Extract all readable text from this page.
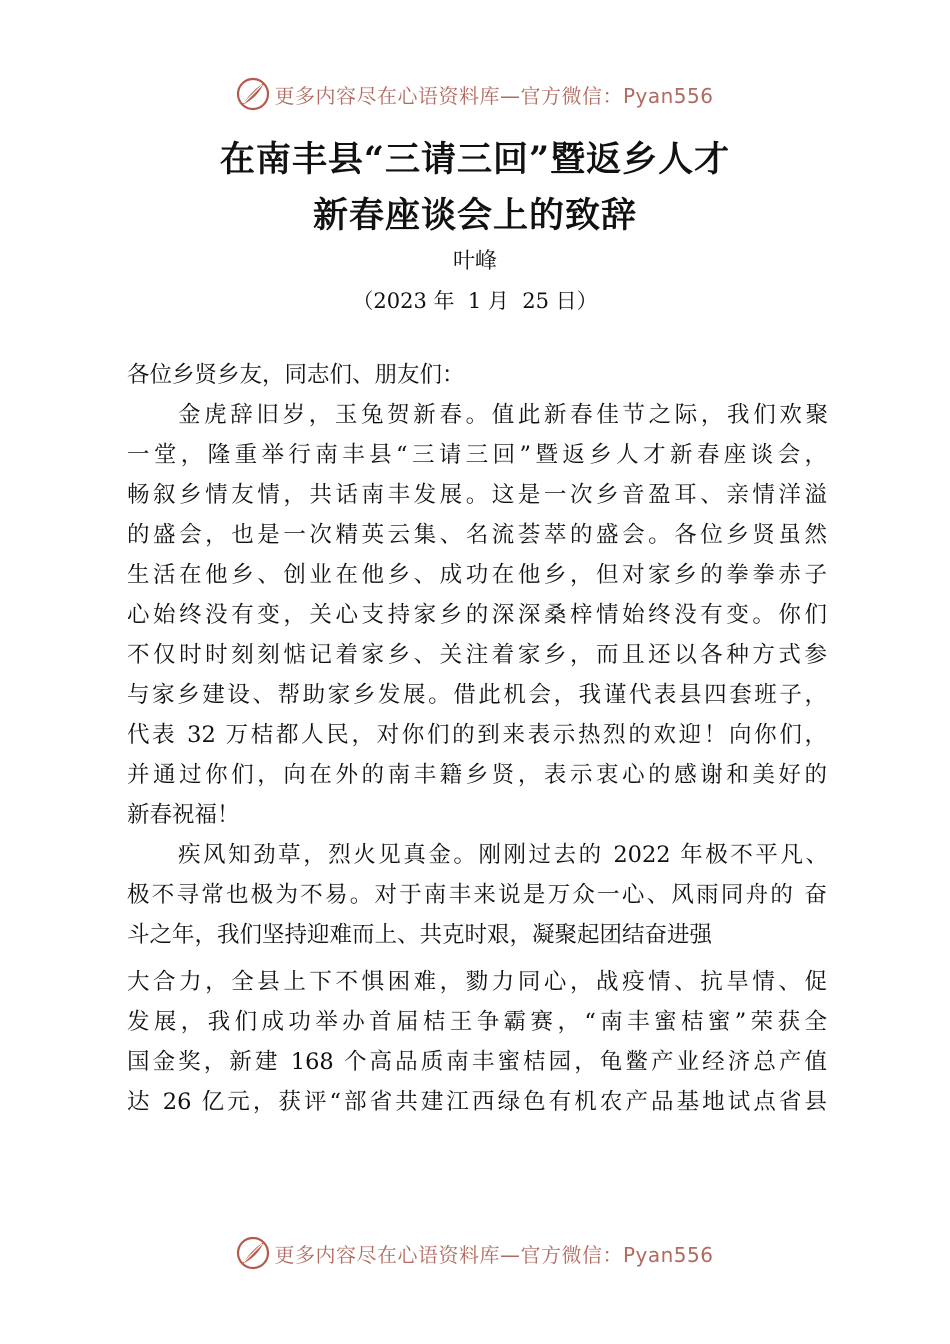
更多内容尽在心语资料库—官方微信：Pyan556
在南丰县“三请三回”暨返乡人才
新春座谈会上的致辞
叶峰
（2023 年  1 月  25 日）
各位乡贤乡友，同志们、朋友们：
金虎辞旧岁，玉兔贺新春。值此新春佳节之际，我们欢聚
一堂，隆重举行南丰县“三请三回”暨返乡人才新春座谈会，
畅叙乡情友情，共话南丰发展。这是一次乡音盈耳、亲情洋溢
的盛会，也是一次精英云集、名流荟萃的盛会。各位乡贤虽然
生活在他乡、创业在他乡、成功在他乡，但对家乡的拳拳赤子
心始终没有变，关心支持家乡的深深桑梓情始终没有变。你们
不仅时时刻刻惦记着家乡、关注着家乡，而且还以各种方式参
与家乡建设、帮助家乡发展。借此机会，我谨代表县四套班子，
代表 32 万桔都人民，对你们的到来表示热烈的欢迎！向你们，
并通过你们，向在外的南丰籍乡贤，表示衷心的感谢和美好的
新春祝福！
疾风知劲草，烈火见真金。刚刚过去的 2022 年极不平凡、
极不寻常也极为不易。对于南丰来说是万众一心、风雨同舟的 奋
斗之年，我们坚持迎难而上、共克时艰，凝聚起团结奋进强
大合力，全县上下不惧困难，勠力同心，战疫情、抗旱情、促
发展，我们成功举办首届桔王争霸赛，“南丰蜜桔蜜”荣获全
国金奖，新建 168 个高品质南丰蜜桔园，龟鳖产业经济总产值
达 26 亿元，获评“部省共建江西绿色有机农产品基地试点省县
更多内容尽在心语资料库—官方微信：Pyan556
